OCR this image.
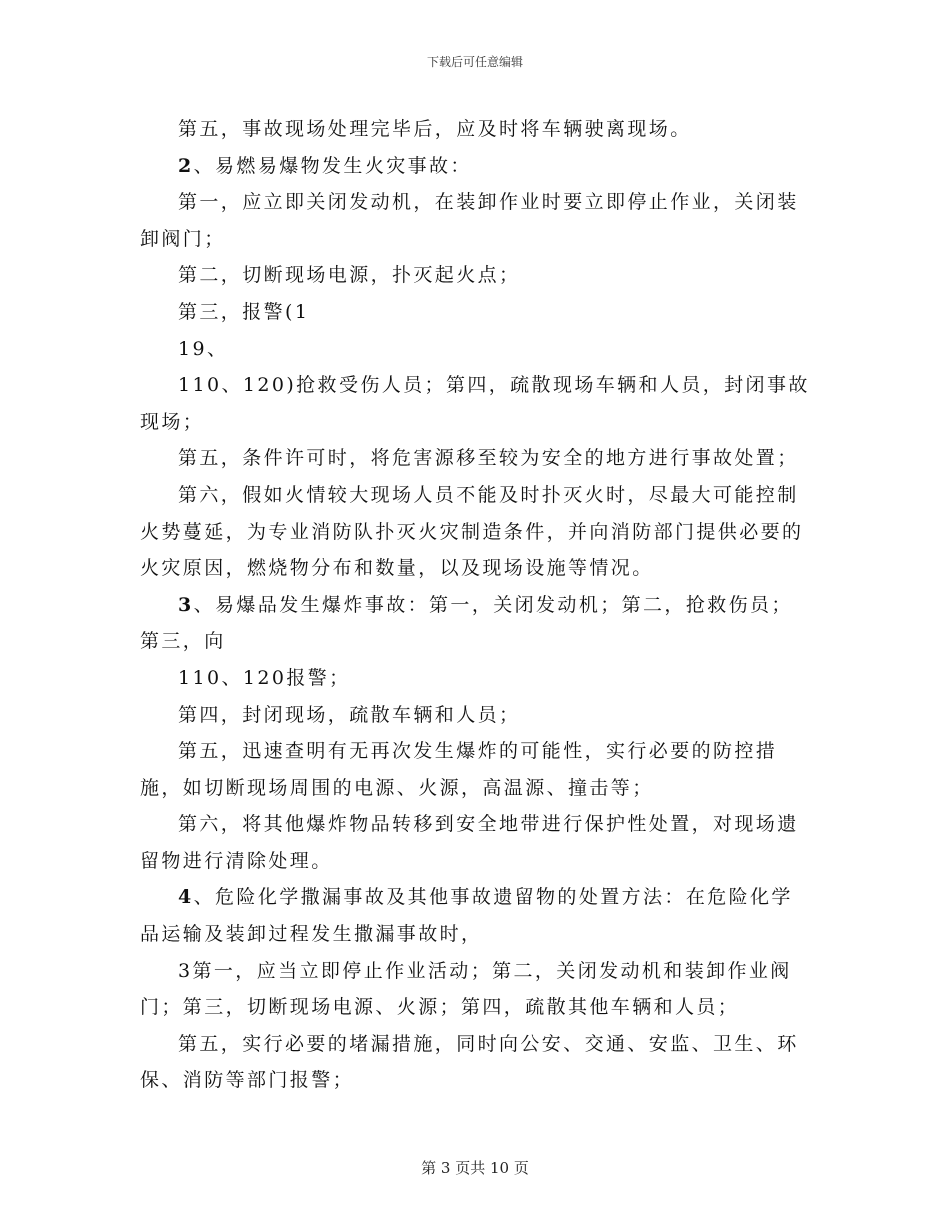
下载后可任意编辑

第五，事故现场处理完毕后，应及时将车辆驶离现场。

2、易燃易爆物发生火灾事故：

第一，应立即关闭发动机，在装卸作业时要立即停止作业，关闭装卸阀门；

第二，切断现场电源，扑灭起火点；

第三，报警(1

19、

110、120)抢救受伤人员；第四，疏散现场车辆和人员，封闭事故现场；

第五，条件许可时，将危害源移至较为安全的地方进行事故处置；

第六，假如火情较大现场人员不能及时扑灭火时，尽最大可能控制火势蔓延，为专业消防队扑灭火灾制造条件，并向消防部门提供必要的火灾原因，燃烧物分布和数量，以及现场设施等情况。

3、易爆品发生爆炸事故：第一，关闭发动机；第二，抢救伤员；第三，向

110、120报警；

第四，封闭现场，疏散车辆和人员；

第五，迅速查明有无再次发生爆炸的可能性，实行必要的防控措施，如切断现场周围的电源、火源，高温源、撞击等；

第六，将其他爆炸物品转移到安全地带进行保护性处置，对现场遗留物进行清除处理。

4、危险化学撒漏事故及其他事故遗留物的处置方法：在危险化学品运输及装卸过程发生撒漏事故时，

3第一，应当立即停止作业活动；第二，关闭发动机和装卸作业阀门；第三，切断现场电源、火源；第四，疏散其他车辆和人员；

第五，实行必要的堵漏措施，同时向公安、交通、安监、卫生、环保、消防等部门报警；

第 3 页共 10 页
